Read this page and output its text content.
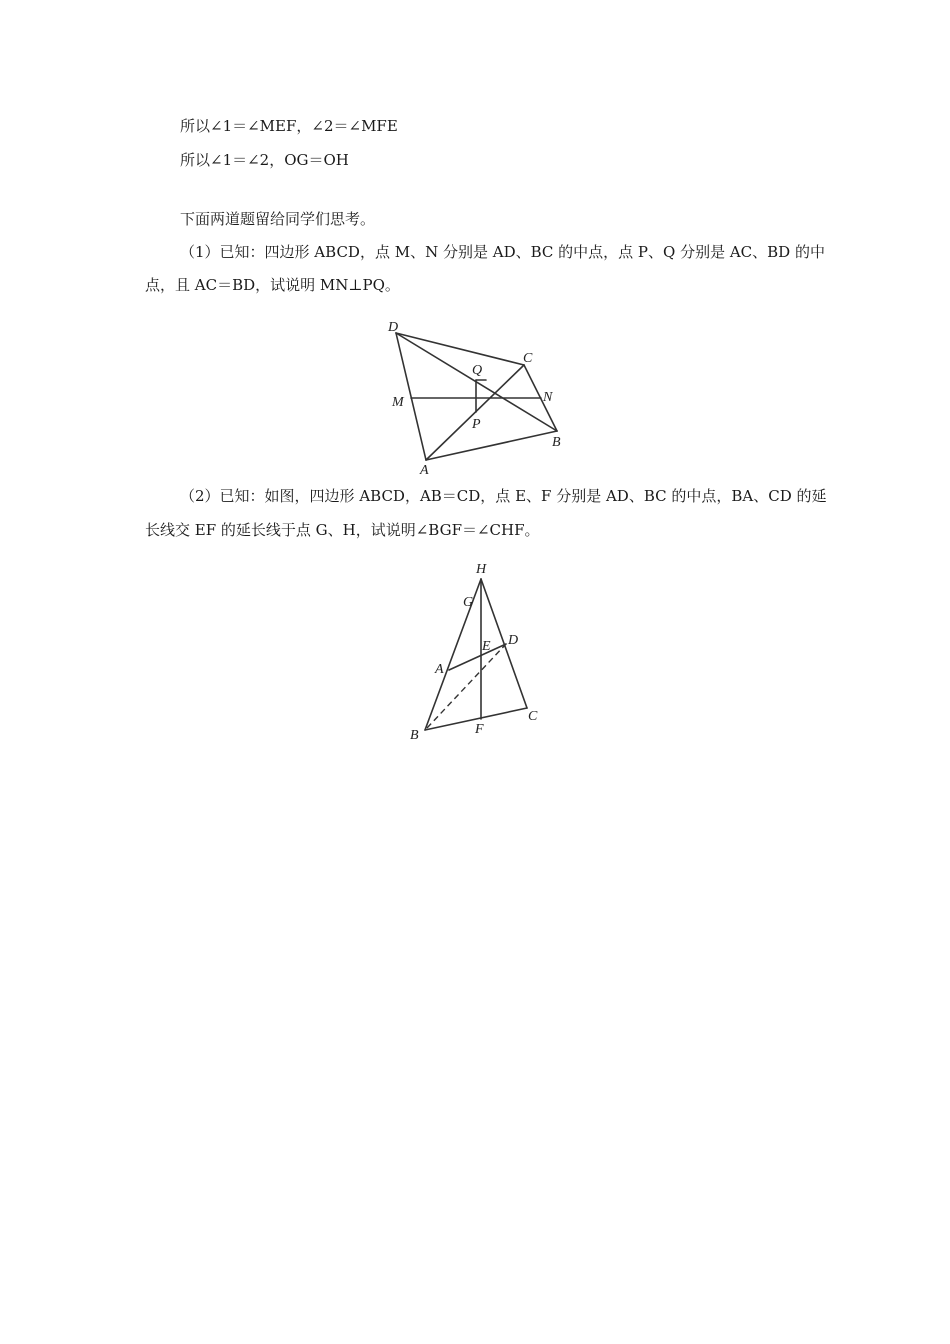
所以∠1＝∠MEF，∠2＝∠MFE
所以∠1＝∠2，OG＝OH
下面两道题留给同学们思考。
（1）已知：四边形 ABCD，点 M、N 分别是 AD、BC 的中点，点 P、Q 分别是 AC、BD 的中
点，且 AC＝BD，试说明 MN⊥PQ。
D
C
Q
M	N
P
B
A
（2）已知：如图，四边形 ABCD，AB＝CD，点 E、F 分别是 AD、BC 的中点，BA、CD 的延
长线交 EF 的延长线于点 G、H，试说明∠BGF＝∠CHF。
H
G
E D
A
B	F
C
